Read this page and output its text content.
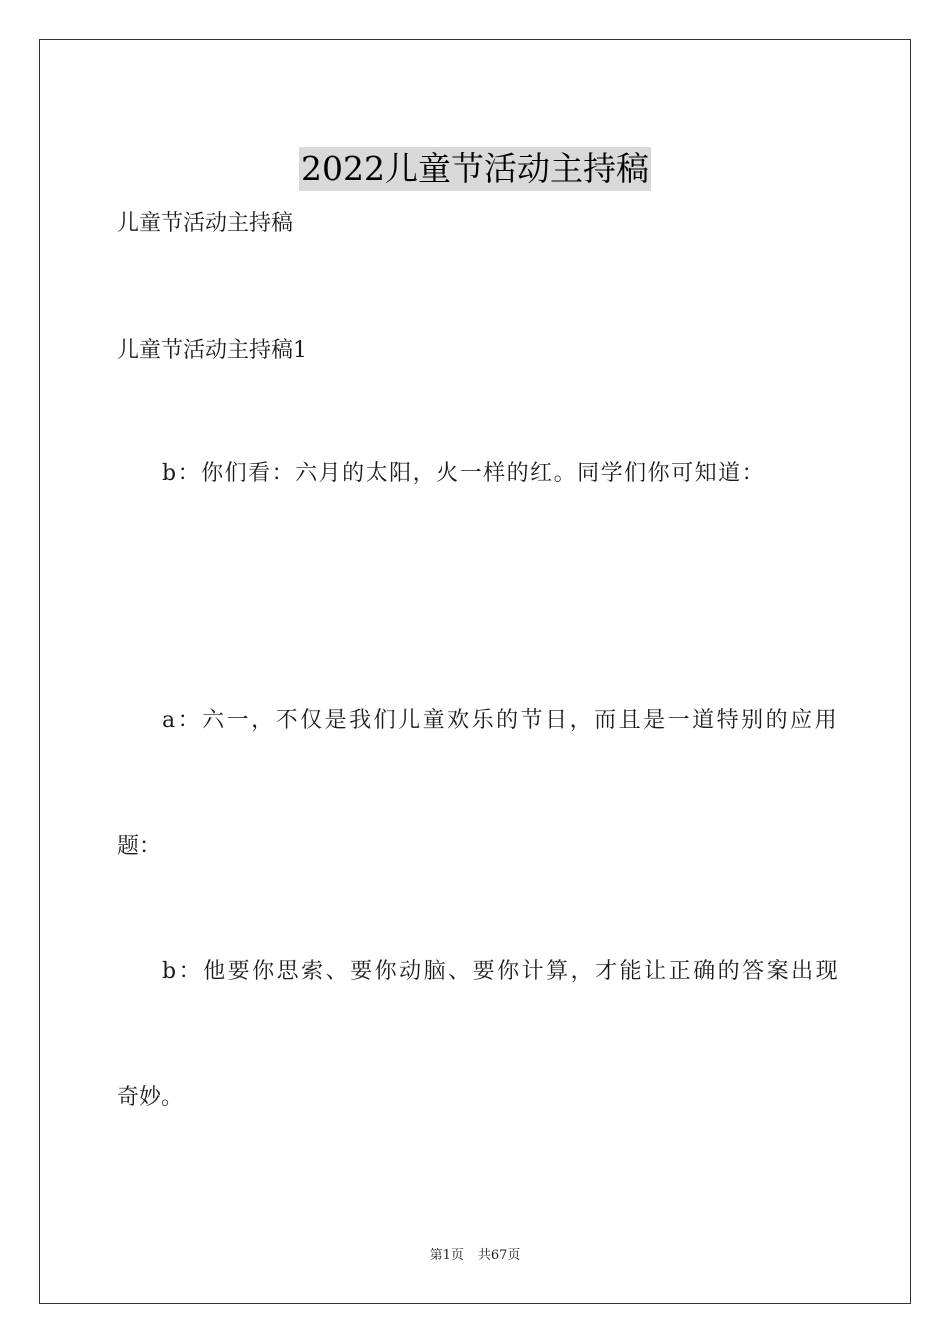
2022儿童节活动主持稿
儿童节活动主持稿
儿童节活动主持稿1
b：你们看：六月的太阳，火一样的红。同学们你可知道：
a：六一，不仅是我们儿童欢乐的节日，而且是一道特别的应用
题：
b：他要你思索、要你动脑、要你计算，才能让正确的答案出现
奇妙。
第1页 共67页
